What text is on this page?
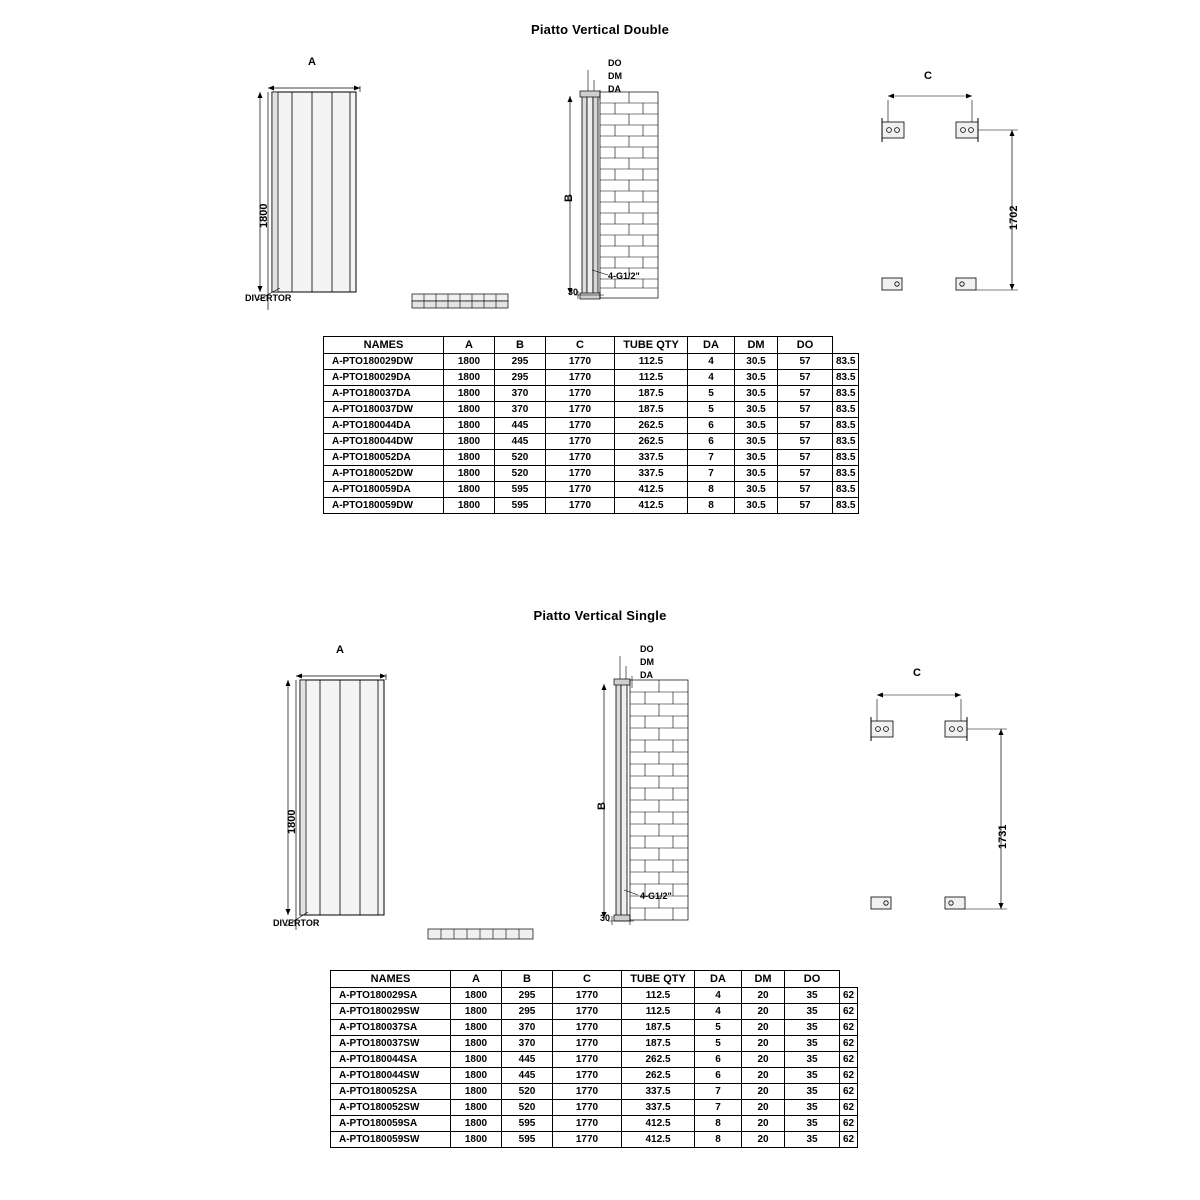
Piatto Vertical Double
A
1800
DIVERTOR
DO
DM
DA
B
4-G1/2"
30
C
1702
NAMES	A	B	C	TUBE QTY	DA	DM	DO	
A-PTO180029DW	1800	295	1770	112.5	4	30.5	57	83.5
A-PTO180029DA	1800	295	1770	112.5	4	30.5	57	83.5
A-PTO180037DA	1800	370	1770	187.5	5	30.5	57	83.5
A-PTO180037DW	1800	370	1770	187.5	5	30.5	57	83.5
A-PTO180044DA	1800	445	1770	262.5	6	30.5	57	83.5
A-PTO180044DW	1800	445	1770	262.5	6	30.5	57	83.5
A-PTO180052DA	1800	520	1770	337.5	7	30.5	57	83.5
A-PTO180052DW	1800	520	1770	337.5	7	30.5	57	83.5
A-PTO180059DA	1800	595	1770	412.5	8	30.5	57	83.5
A-PTO180059DW	1800	595	1770	412.5	8	30.5	57	83.5
Piatto Vertical Single
A
1800
DIVERTOR
DO
DM
DA
B
4-G1/2"
30
C
1731
NAMES	A	B	C	TUBE QTY	DA	DM	DO	
A-PTO180029SA	1800	295	1770	112.5	4	20	35	62
A-PTO180029SW	1800	295	1770	112.5	4	20	35	62
A-PTO180037SA	1800	370	1770	187.5	5	20	35	62
A-PTO180037SW	1800	370	1770	187.5	5	20	35	62
A-PTO180044SA	1800	445	1770	262.5	6	20	35	62
A-PTO180044SW	1800	445	1770	262.5	6	20	35	62
A-PTO180052SA	1800	520	1770	337.5	7	20	35	62
A-PTO180052SW	1800	520	1770	337.5	7	20	35	62
A-PTO180059SA	1800	595	1770	412.5	8	20	35	62
A-PTO180059SW	1800	595	1770	412.5	8	20	35	62
